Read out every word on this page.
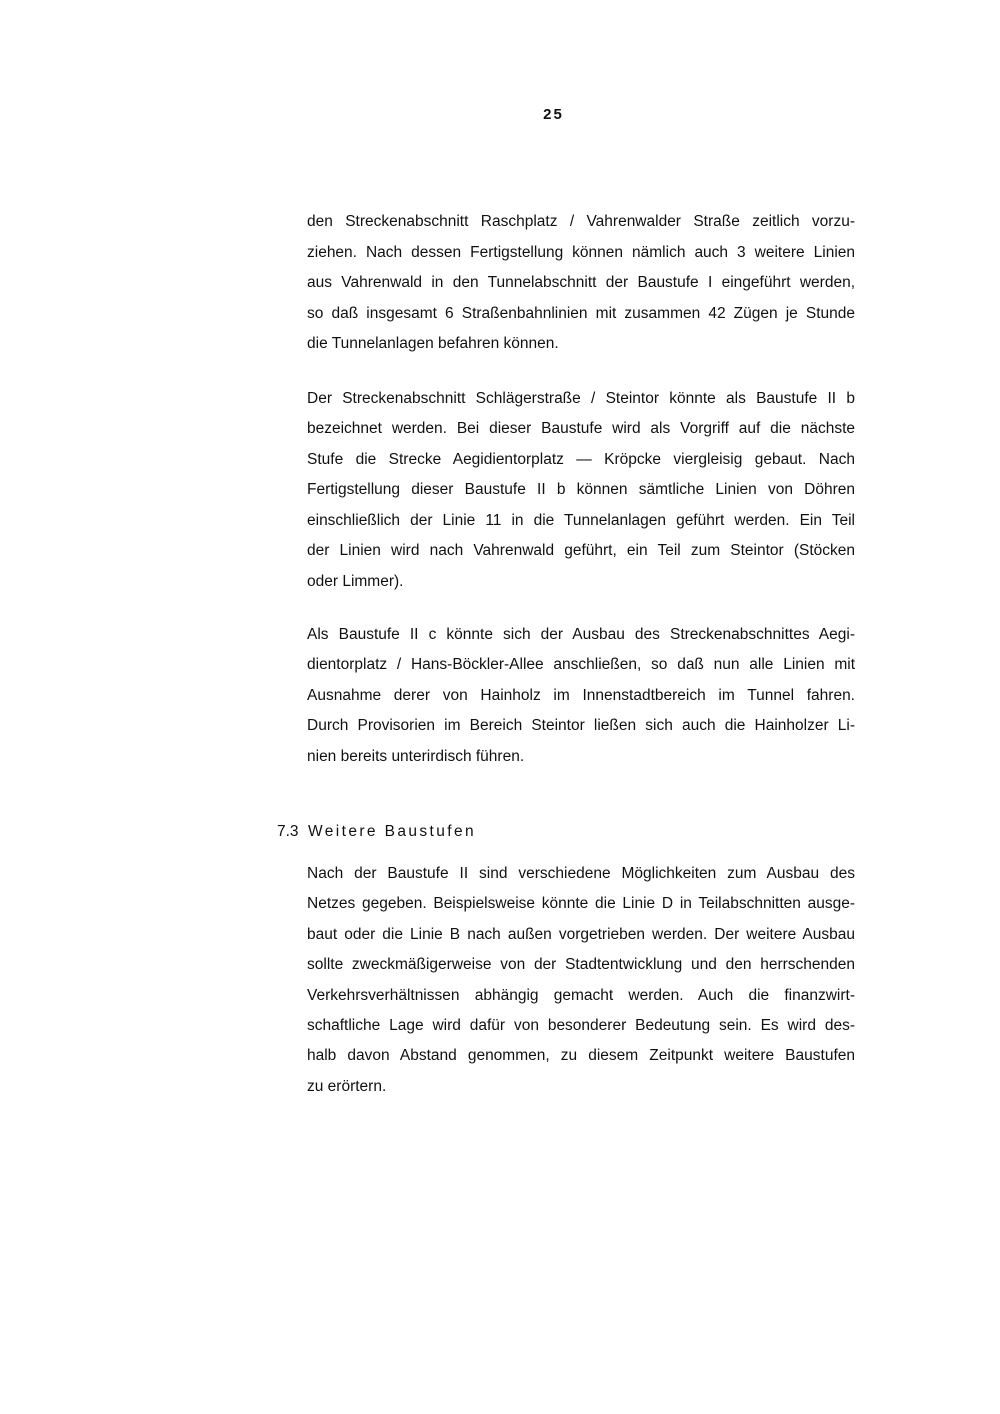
25
den Streckenabschnitt Raschplatz / Vahrenwalder Straße zeitlich vorzu-
ziehen. Nach dessen Fertigstellung können nämlich auch 3 weitere Linien
aus Vahrenwald in den Tunnelabschnitt der Baustufe I eingeführt werden,
so daß insgesamt 6 Straßenbahnlinien mit zusammen 42 Zügen je Stunde
die Tunnelanlagen befahren können.
Der Streckenabschnitt Schlägerstraße / Steintor könnte als Baustufe II b
bezeichnet werden. Bei dieser Baustufe wird als Vorgriff auf die nächste
Stufe die Strecke Aegidientorplatz — Kröpcke viergleisig gebaut. Nach
Fertigstellung dieser Baustufe II b können sämtliche Linien von Döhren
einschließlich der Linie 11 in die Tunnelanlagen geführt werden. Ein Teil
der Linien wird nach Vahrenwald geführt, ein Teil zum Steintor (Stöcken
oder Limmer).
Als Baustufe II c könnte sich der Ausbau des Streckenabschnittes Aegi-
dientorplatz / Hans-Böckler-Allee anschließen, so daß nun alle Linien mit
Ausnahme derer von Hainholz im Innenstadtbereich im Tunnel fahren.
Durch Provisorien im Bereich Steintor ließen sich auch die Hainholzer Li-
nien bereits unterirdisch führen.
7.3 Weitere Baustufen
Nach der Baustufe II sind verschiedene Möglichkeiten zum Ausbau des
Netzes gegeben. Beispielsweise könnte die Linie D in Teilabschnitten ausge-
baut oder die Linie B nach außen vorgetrieben werden. Der weitere Ausbau
sollte zweckmäßigerweise von der Stadtentwicklung und den herrschenden
Verkehrsverhältnissen abhängig gemacht werden. Auch die finanzwirt-
schaftliche Lage wird dafür von besonderer Bedeutung sein. Es wird des-
halb davon Abstand genommen, zu diesem Zeitpunkt weitere Baustufen
zu erörtern.
